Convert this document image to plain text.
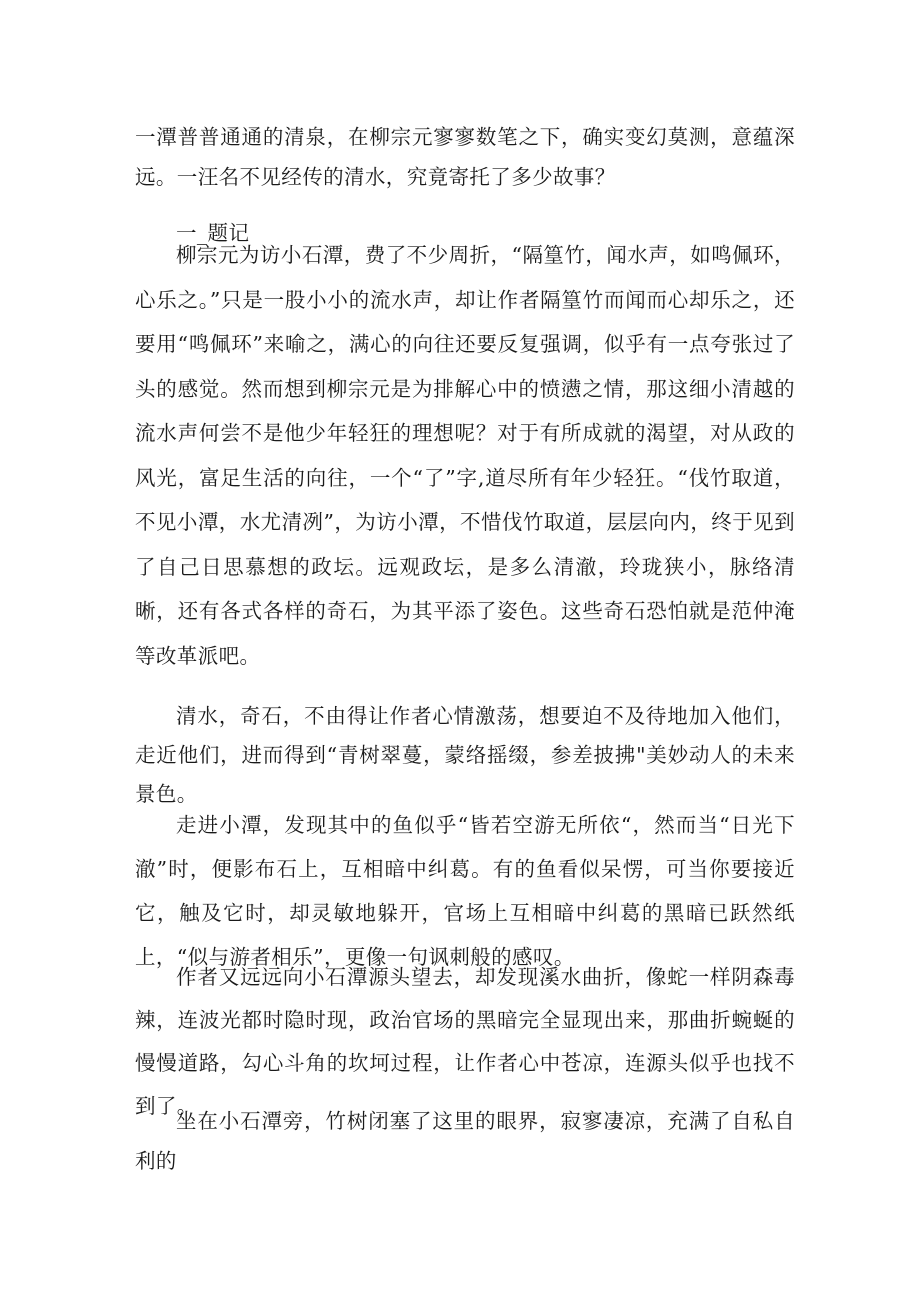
一潭普普通通的清泉，在柳宗元寥寥数笔之下，确实变幻莫测，意蕴深远。一汪名不见经传的清水，究竟寄托了多少故事？

一_题记

柳宗元为访小石潭，费了不少周折，“隔篁竹，闻水声，如鸣佩环，心乐之。”只是一股小小的流水声，却让作者隔篁竹而闻而心却乐之，还要用“鸣佩环”来喻之，满心的向往还要反复强调，似乎有一点夸张过了头的感觉。然而想到柳宗元是为排解心中的愤懑之情，那这细小清越的流水声何尝不是他少年轻狂的理想呢？对于有所成就的渴望，对从政的风光，富足生活的向往，一个“了”字,道尽所有年少轻狂。“伐竹取道，不见小潭，水尤清冽”，为访小潭，不惜伐竹取道，层层向内，终于见到了自己日思慕想的政坛。远观政坛，是多么清澈，玲珑狭小，脉络清晰，还有各式各样的奇石，为其平添了姿色。这些奇石恐怕就是范仲淹等改革派吧。

清水，奇石，不由得让作者心情激荡，想要迫不及待地加入他们，走近他们，进而得到“青树翠蔓，蒙络摇缀，参差披拂"美妙动人的未来景色。

走进小潭，发现其中的鱼似乎“皆若空游无所依“，然而当“日光下澈”时，便影布石上，互相暗中纠葛。有的鱼看似呆愣，可当你要接近它，触及它时，却灵敏地躲开，官场上互相暗中纠葛的黑暗已跃然纸上，“似与游者相乐”，更像一句讽刺般的感叹。

作者又远远向小石潭源头望去，却发现溪水曲折，像蛇一样阴森毒辣，连波光都时隐时现，政治官场的黑暗完全显现出来，那曲折蜿蜒的慢慢道路，勾心斗角的坎坷过程，让作者心中苍凉，连源头似乎也找不到了。

坐在小石潭旁，竹树闭塞了这里的眼界，寂寥凄凉，充满了自私自利的
